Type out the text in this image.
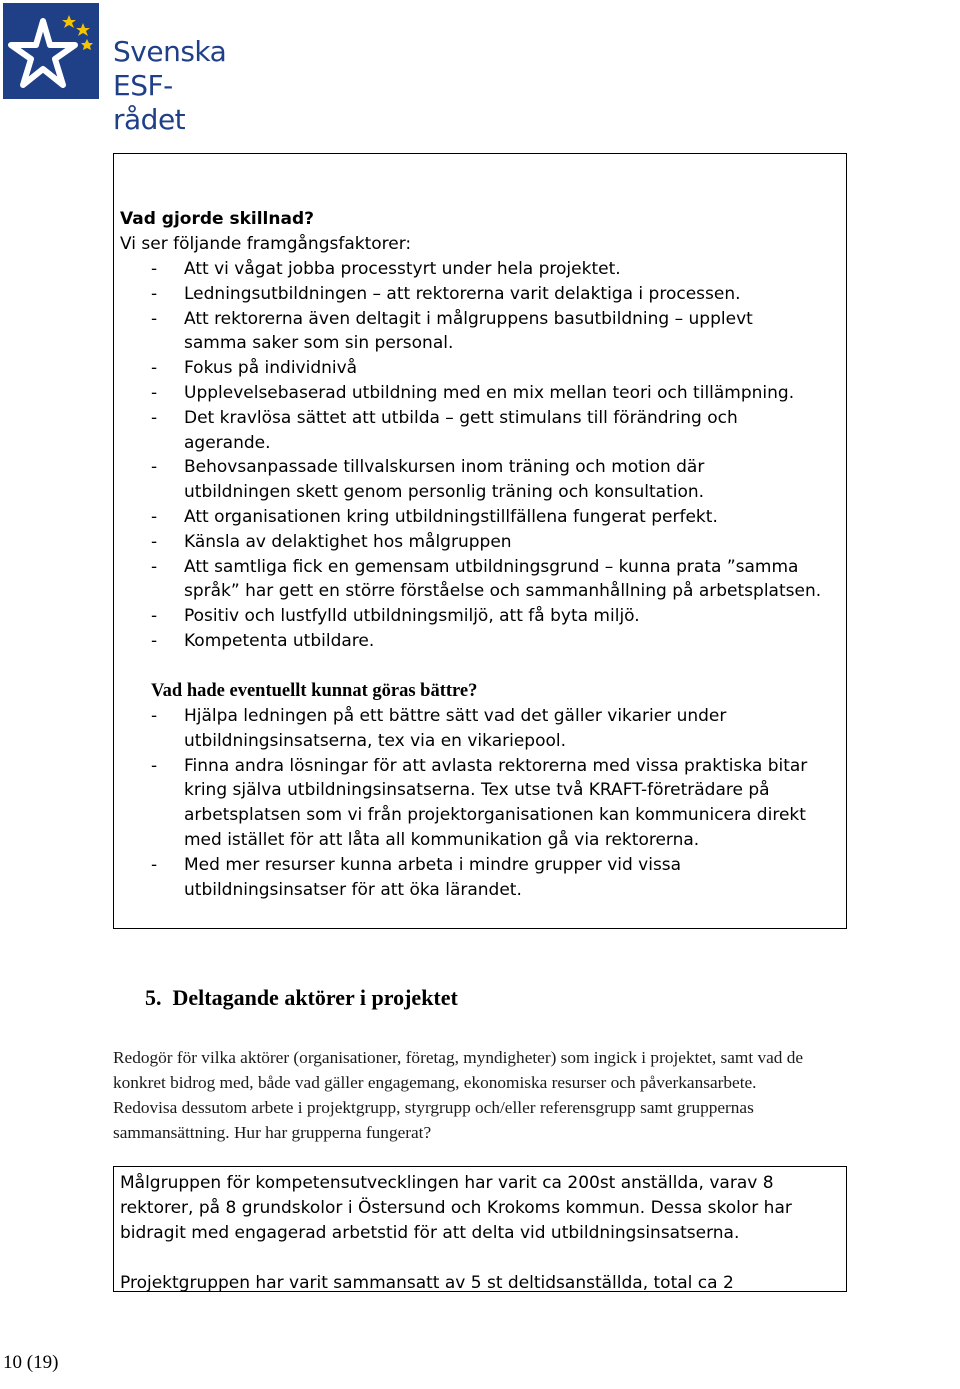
Svenska
ESF-rådet
Vad gjorde skillnad?
Vi ser följande framgångsfaktorer:
- Att vi vågat jobba processtyrt under hela projektet.
- Ledningsutbildningen – att rektorerna varit delaktiga i processen.
- Att rektorerna även deltagit i målgruppens basutbildning – upplevt
samma saker som sin personal.
- Fokus på individnivå
- Upplevelsebaserad utbildning med en mix mellan teori och tillämpning.
- Det kravlösa sättet att utbilda – gett stimulans till förändring och
agerande.
- Behovsanpassade tillvalskursen inom träning och motion där
utbildningen skett genom personlig träning och konsultation.
- Att organisationen kring utbildningstillfällena fungerat perfekt.
- Känsla av delaktighet hos målgruppen
- Att samtliga fick en gemensam utbildningsgrund – kunna prata ”samma
språk” har gett en större förståelse och sammanhållning på arbetsplatsen.
- Positiv och lustfylld utbildningsmiljö, att få byta miljö.
- Kompetenta utbildare.
Vad hade eventuellt kunnat göras bättre?
- Hjälpa ledningen på ett bättre sätt vad det gäller vikarier under
utbildningsinsatserna, tex via en vikariepool.
- Finna andra lösningar för att avlasta rektorerna med vissa praktiska bitar
kring själva utbildningsinsatserna. Tex utse två KRAFT-företrädare på
arbetsplatsen som vi från projektorganisationen kan kommunicera direkt
med istället för att låta all kommunikation gå via rektorerna.
- Med mer resurser kunna arbeta i mindre grupper vid vissa
utbildningsinsatser för att öka lärandet.
5. Deltagande aktörer i projektet
Redogör för vilka aktörer (organisationer, företag, myndigheter) som ingick i projektet, samt vad de
konkret bidrog med, både vad gäller engagemang, ekonomiska resurser och påverkansarbete.
Redovisa dessutom arbete i projektgrupp, styrgrupp och/eller referensgrupp samt gruppernas
sammansättning. Hur har grupperna fungerat?
Målgruppen för kompetensutvecklingen har varit ca 200st anställda, varav 8
rektorer, på 8 grundskolor i Östersund och Krokoms kommun. Dessa skolor har
bidragit med engagerad arbetstid för att delta vid utbildningsinsatserna.
Projektgruppen har varit sammansatt av 5 st deltidsanställda, total ca 2
10 (19)
